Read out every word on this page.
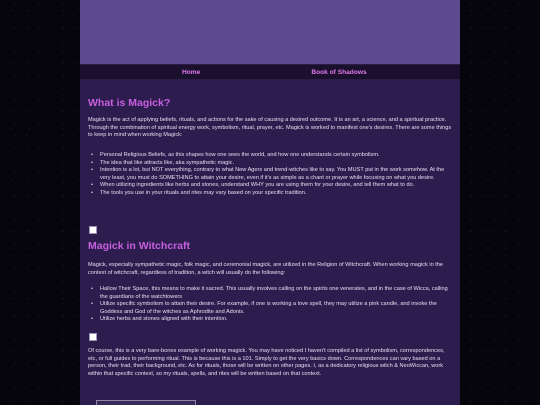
Home	Book of Shadows
What is Magick?

Magick is the act of applying beliefs, rituals, and actions for the sake of causing a desired outcome. It is an art, a science, and a spiritual practice. Through the combination of spiritual energy work, symbolism, ritual, prayer, etc. Magick is worked to manifest one's desires. There are some things to keep in mind when working Magick:

• Personal Religious Beliefs, as this shapes how one sees the world, and how one understands certain symbolism.
• The idea that like attracts like, aka sympathetic magic.
• Intention is a lot, but NOT everything, contrary to what New Agers and trend-witches like to say. You MUST put in the work somehow. At the very least, you must do SOMETHING to attain your desire, even if it's as simple as a chant or prayer while focusing on what you desire.
• When utilizing ingredients like herbs and stones, understand WHY you are using them for your desire, and tell them what to do.
• The tools you use in your rituals and rites may vary based on your specific tradition.
Magick in Witchcraft

Magick, especially sympathetic magic, folk magic, and ceremonial magick, are utilized in the Religion of Witchcraft. When working magick in the context of witchcraft, regardless of tradition, a witch will usually do the following:

• Hallow Their Space, this means to make it sacred. This usually involves calling on the spirits one venerates, and in the case of Wicca, calling the guardians of the watchtowers
• Utilize specific symbolism to attain their desire. For example, if one is working a love spell, they may utilize a pink candle, and invoke the Goddess and God of the witches as Aphrodite and Adonis.
• Utilize herbs and stones aligned with their intention.

Of course, this is a very bare-bones example of working magick. You may have noticed I haven't compiled a list of symbolism, correspondences, etc, or full guides to performing ritual. This is because this is a 101. Simply to get the very basics down. Correspondences can vary based on a person, their trad, their background, etc. As for rituals, those will be written on other pages. I, as a dedicatory religious witch & NeoWiccan, work within that specific context, so my rituals, spells, and rites will be written based on that context.
